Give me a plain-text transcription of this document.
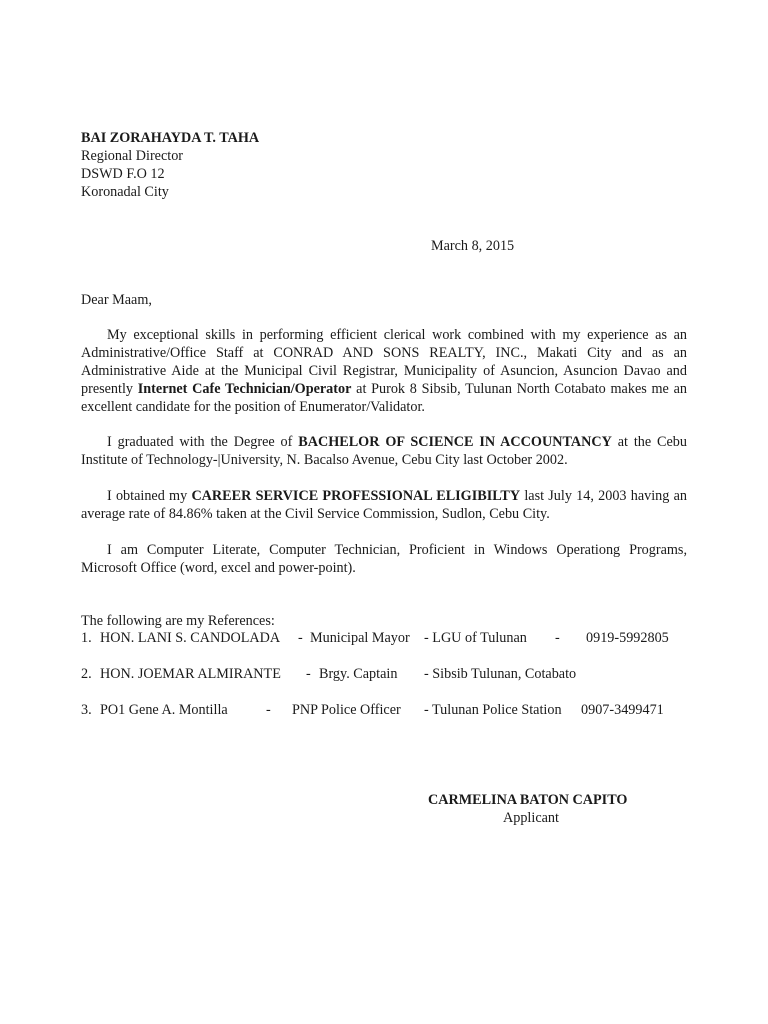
BAI ZORAHAYDA T. TAHA
Regional Director
DSWD F.O 12
Koronadal City
March 8, 2015
Dear Maam,
My exceptional skills in performing efficient clerical work combined with my experience as an Administrative/Office Staff at CONRAD AND SONS REALTY, INC., Makati City and as an Administrative Aide at the Municipal Civil Registrar, Municipality of Asuncion, Asuncion Davao and presently Internet Cafe Technician/Operator at Purok 8 Sibsib, Tulunan North Cotabato makes me an excellent candidate for the position of Enumerator/Validator.
I graduated with the Degree of BACHELOR OF SCIENCE IN ACCOUNTANCY at the Cebu Institute of Technology-|University, N. Bacalso Avenue, Cebu City last October 2002.
I obtained my CAREER SERVICE PROFESSIONAL ELIGIBILTY last July 14, 2003 having an average rate of 84.86% taken at the Civil Service Commission, Sudlon, Cebu City.
I am Computer Literate, Computer Technician, Proficient in Windows Operationg Programs, Microsoft Office (word, excel and power-point).
The following are my References:
1. HON. LANI S. CANDOLADA - Municipal Mayor - LGU of Tulunan - 0919-5992805
2. HON. JOEMAR ALMIRANTE - Brgy. Captain - Sibsib Tulunan, Cotabato
3. PO1 Gene A. Montilla	- PNP Police Officer - Tulunan Police Station 0907-3499471
CARMELINA BATON CAPITO
Applicant
